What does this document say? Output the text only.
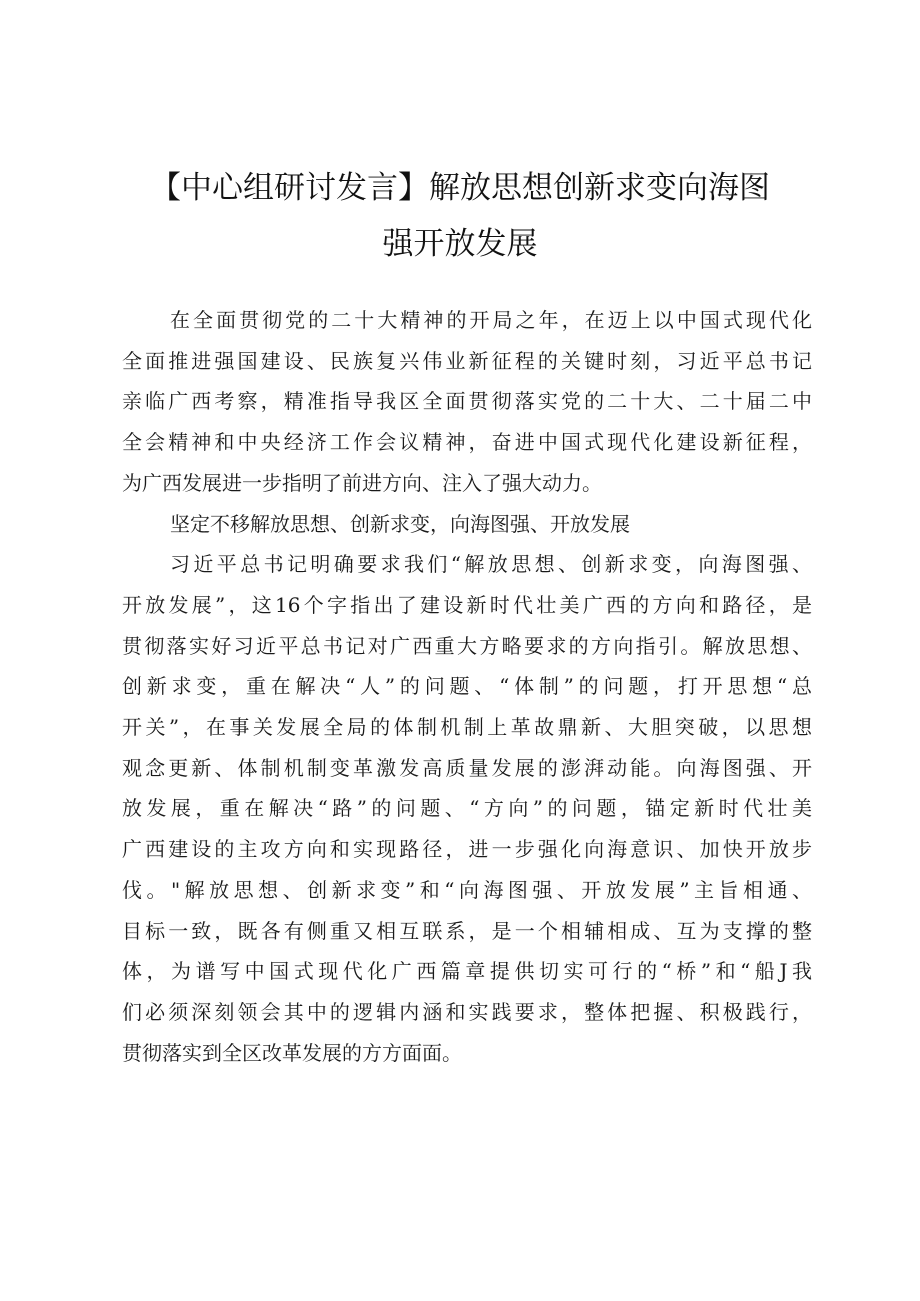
【中心组研讨发言】解放思想创新求变向海图
强开放发展
在全面贯彻党的二十大精神的开局之年，在迈上以中国式现代化
全面推进强国建设、民族复兴伟业新征程的关键时刻，习近平总书记
亲临广西考察，精准指导我区全面贯彻落实党的二十大、二十届二中
全会精神和中央经济工作会议精神，奋进中国式现代化建设新征程，
为广西发展进一步指明了前进方向、注入了强大动力。
坚定不移解放思想、创新求变，向海图强、开放发展
习近平总书记明确要求我们“解放思想、创新求变，向海图强、
开放发展”，这16个字指出了建设新时代壮美广西的方向和路径，是
贯彻落实好习近平总书记对广西重大方略要求的方向指引。解放思想、
创新求变，重在解决“人”的问题、“体制”的问题，打开思想“总
开关”，在事关发展全局的体制机制上革故鼎新、大胆突破，以思想
观念更新、体制机制变革激发高质量发展的澎湃动能。向海图强、开
放发展，重在解决“路”的问题、“方向”的问题，锚定新时代壮美
广西建设的主攻方向和实现路径，进一步强化向海意识、加快开放步
伐。"解放思想、创新求变”和“向海图强、开放发展”主旨相通、
目标一致，既各有侧重又相互联系，是一个相辅相成、互为支撑的整
体，为谱写中国式现代化广西篇章提供切实可行的“桥”和“船J我
们必须深刻领会其中的逻辑内涵和实践要求，整体把握、积极践行，
贯彻落实到全区改革发展的方方面面。
